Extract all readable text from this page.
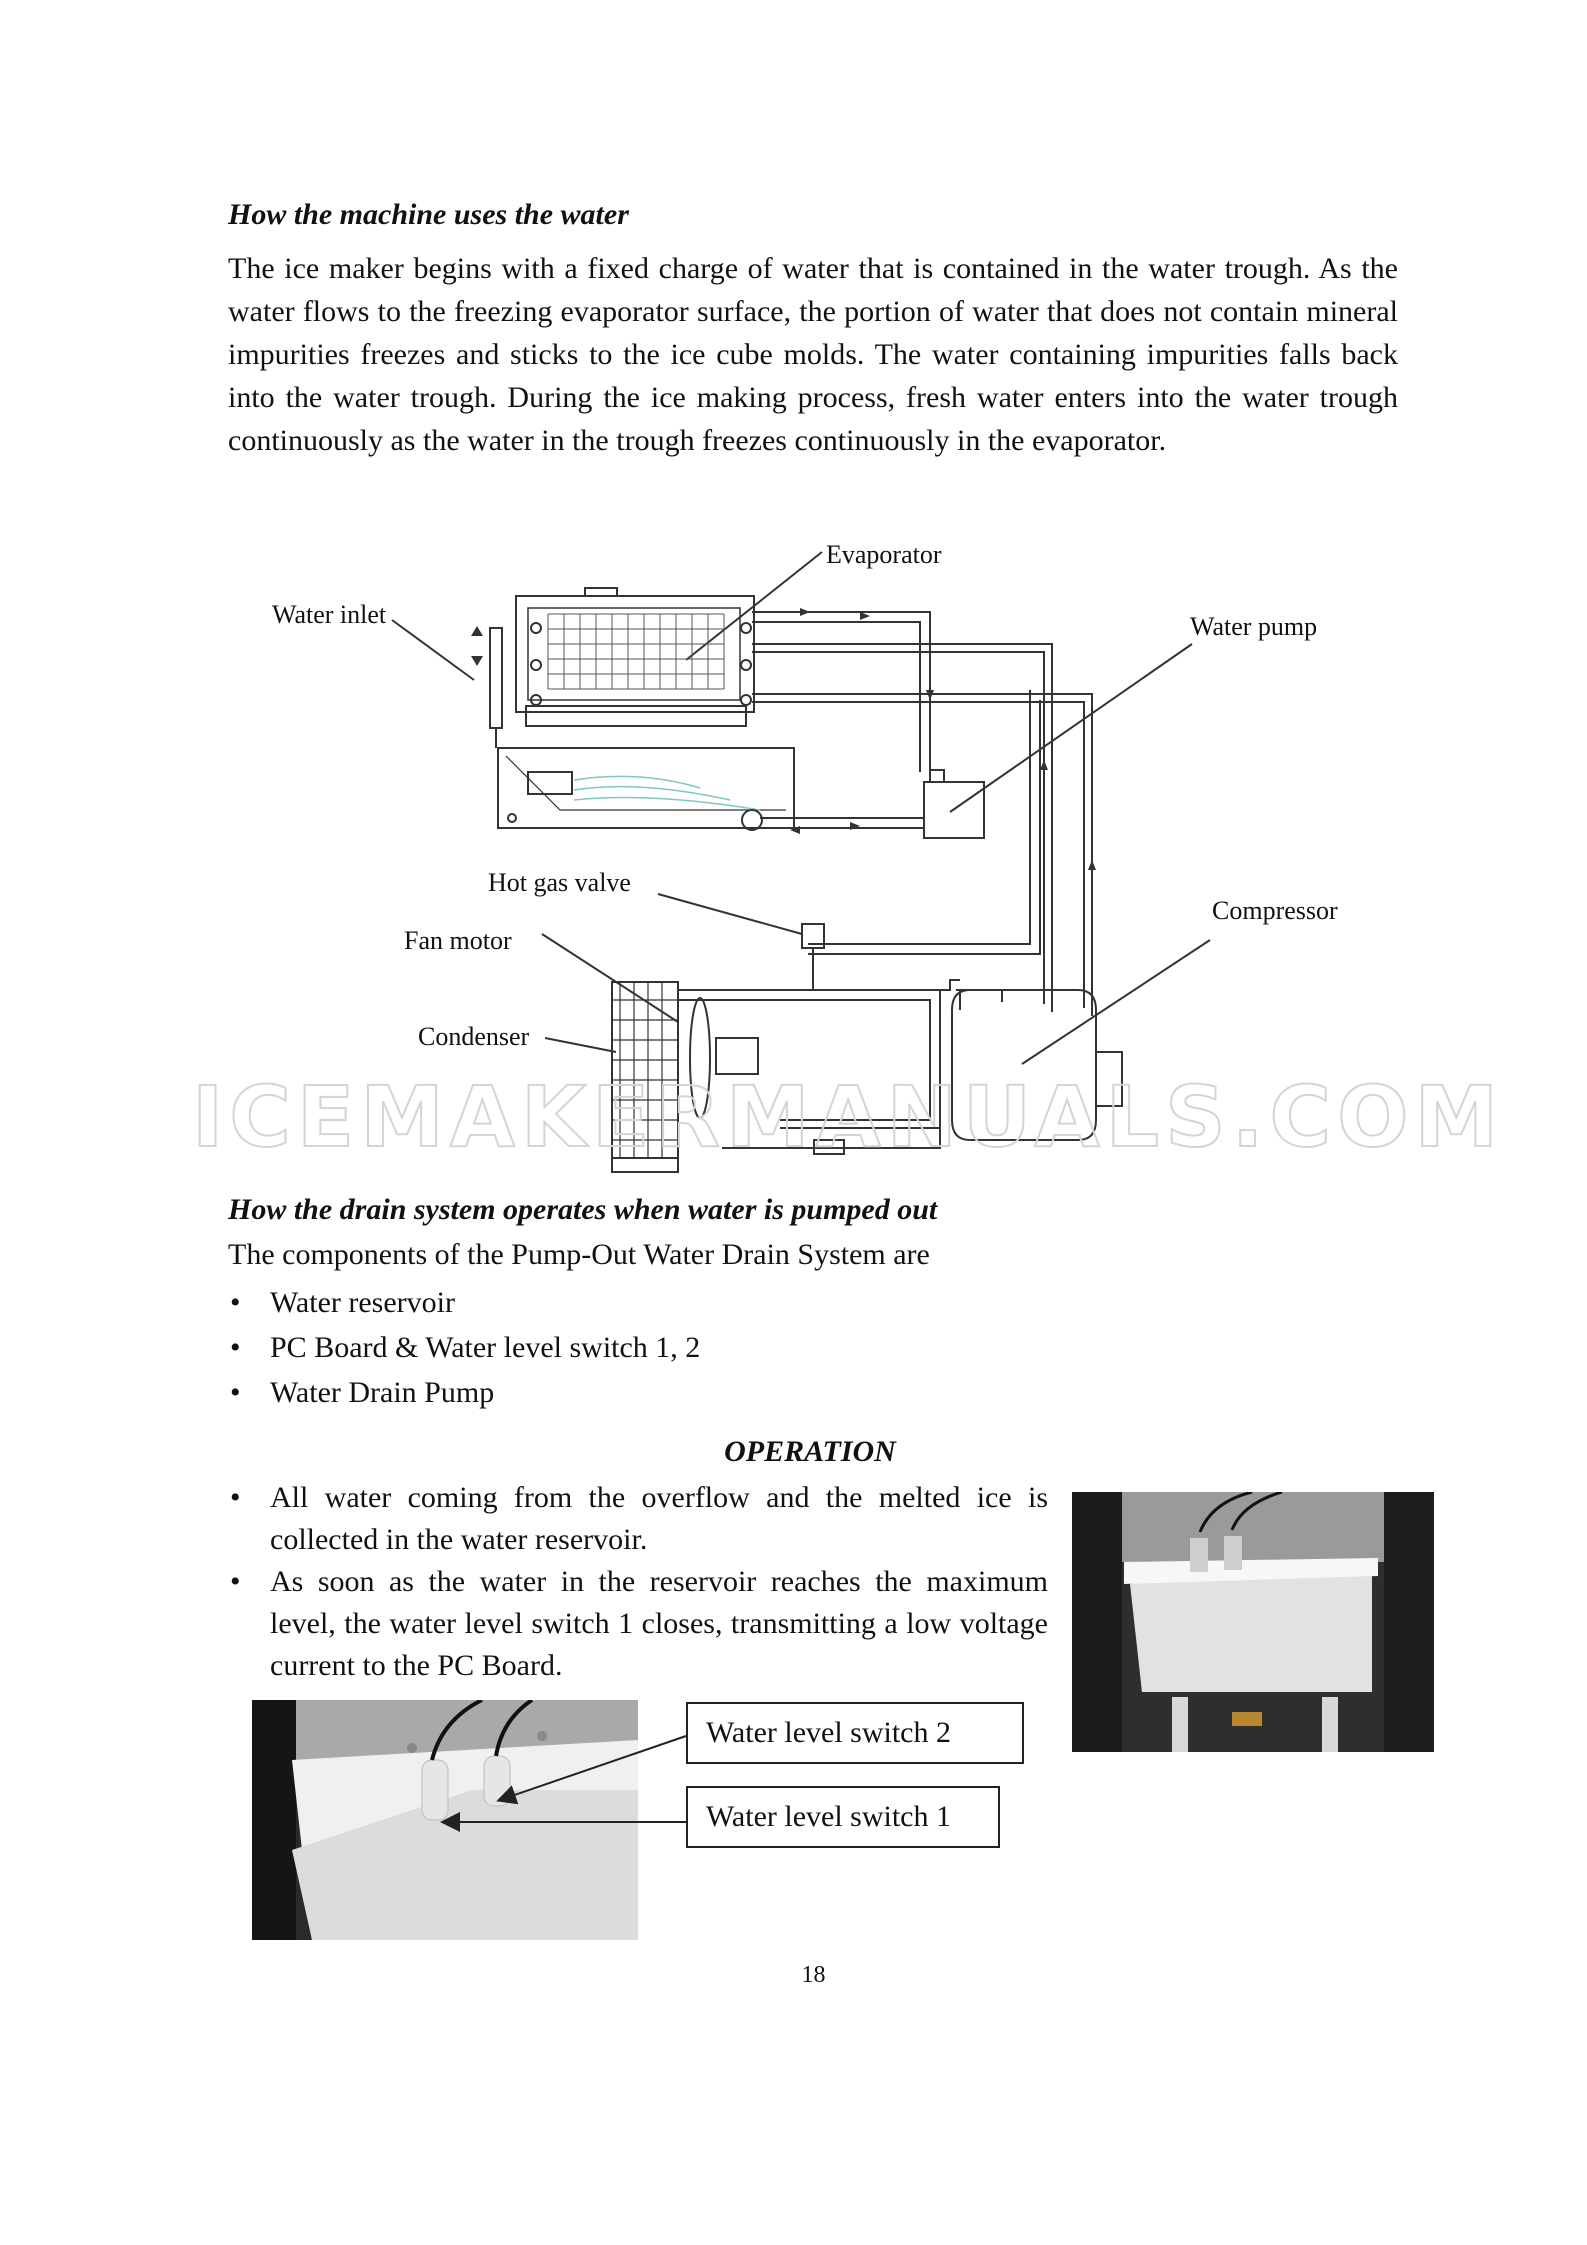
How the machine uses the water
The ice maker begins with a fixed charge of water that is contained in the water trough. As the water flows to the freezing evaporator surface, the portion of water that does not contain mineral impurities freezes and sticks to the ice cube molds. The water containing impurities falls back into the water trough. During the ice making process, fresh water enters into the water trough continuously as the water in the trough freezes continuously in the evaporator.
Evaporator
Water inlet	Water pump
Hot gas valve
Compressor
Fan motor
Condenser
ICEMAKERMANUALS.COM
How the drain system operates when water is pumped out
The components of the Pump-Out Water Drain System are
• Water reservoir
• PC Board & Water level switch 1, 2
• Water Drain Pump
OPERATION
• All water coming from the overflow and the melted ice is collected in the water reservoir.
• As soon as the water in the reservoir reaches the maximum level, the water level switch 1 closes, transmitting a low voltage current to the PC Board.
Water level switch 2
Water level switch 1
18
